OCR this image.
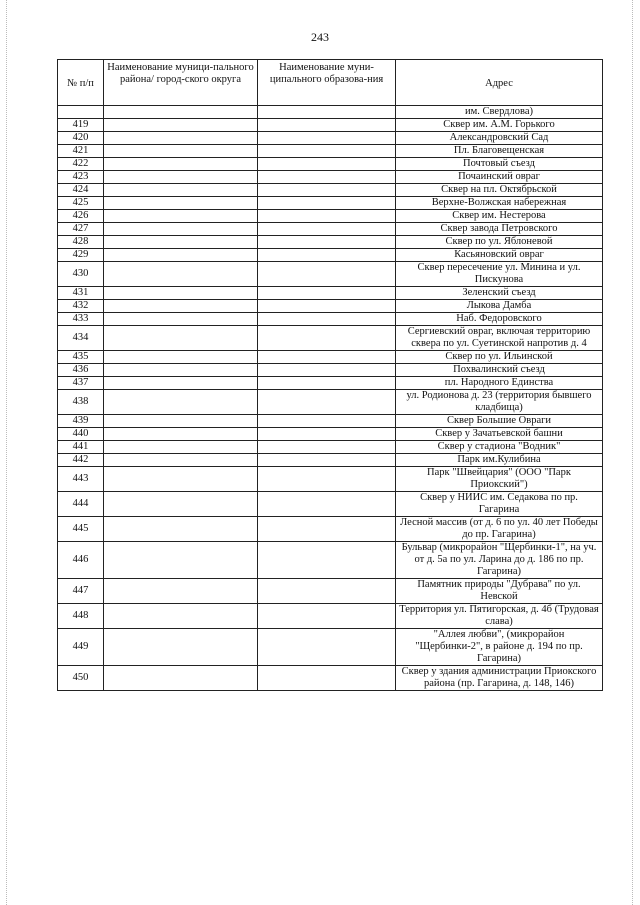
243
№ п/п	Наименование муници-пального района/ город-ского округа	Наименование муни-ципального образова-ния	Адрес
			им. Свердлова)
419			Сквер им. А.М. Горького
420			Александровский Сад
421			Пл. Благовещенская
422			Почтовый съезд
423			Почаинский овраг
424			Сквер на пл. Октябрьской
425			Верхне-Волжская набережная
426			Сквер им. Нестерова
427			Сквер завода Петровского
428			Сквер по ул. Яблоневой
429			Касьяновский овраг
430			Сквер пересечение ул. Минина и ул. Пискунова
431			Зеленский съезд
432			Лыкова Дамба
433			Наб. Федоровского
434			Сергиевский овраг, включая территорию сквера по ул. Суетинской напротив д. 4
435			Сквер по ул. Ильинской
436			Похвалинский съезд
437			пл. Народного Единства
438			ул. Родионова д. 23 (территория бывшего кладбища)
439			Сквер Большие Овраги
440			Сквер у Зачатьевской башни
441			Сквер у стадиона "Водник"
442			Парк им.Кулибина
443			Парк "Швейцария" (ООО "Парк Приокский")
444			Сквер у НИИС им. Седакова по пр. Гагарина
445			Лесной массив (от д. 6 по ул. 40 лет Победы до пр. Гагарина)
446			Бульвар (микрорайон "Щербинки-1", на уч. от д. 5а по ул. Ларина до д. 186 по пр. Гагарина)
447			Памятник природы "Дубрава" по ул. Невской
448			Территория ул. Пятигорская, д. 4б (Трудовая слава)
449			"Аллея любви", (микрорайон "Щербинки-2", в районе д. 194 по пр. Гагарина)
450			Сквер у здания администрации Приокского района (пр. Гагарина, д. 148, 146)
